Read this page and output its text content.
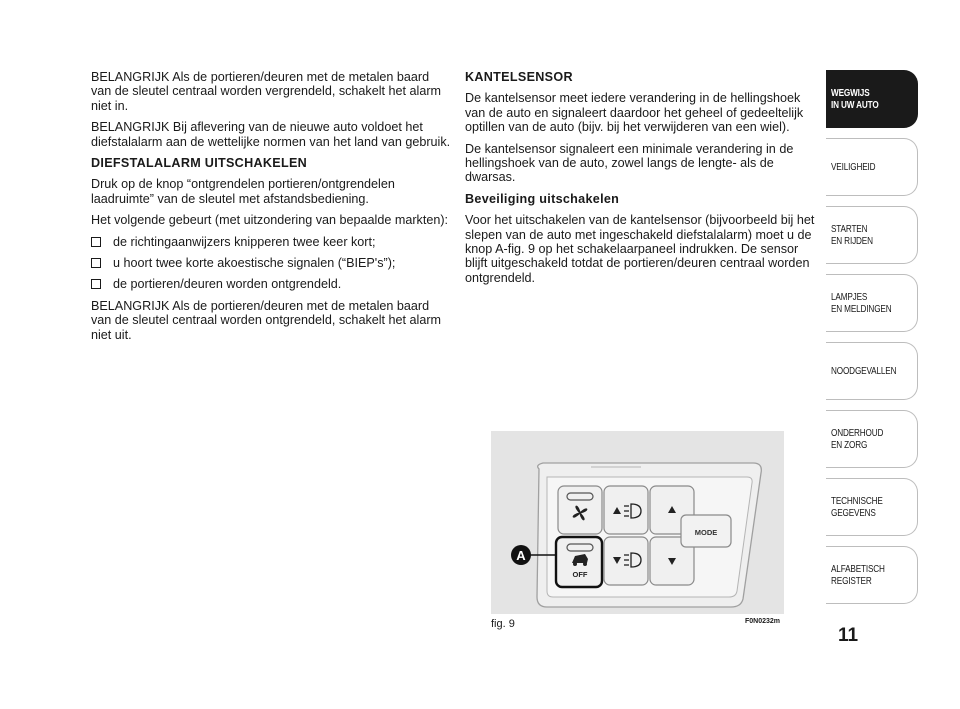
BELANGRIJK Als de portieren/deuren met de metalen baard van de sleutel centraal worden vergrendeld, schakelt het alarm niet in.

BELANGRIJK Bij aflevering van de nieuwe auto voldoet het diefstalalarm aan de wettelijke normen van het land van gebruik.

DIEFSTALALARM UITSCHAKELEN

Druk op de knop “ontgrendelen portieren/ontgrendelen laadruimte” van de sleutel met afstandsbediening.

Het volgende gebeurt (met uitzondering van bepaalde markten):

de richtingaanwijzers knipperen twee keer kort;
u hoort twee korte akoestische signalen (“BIEP's”);
de portieren/deuren worden ontgrendeld.

BELANGRIJK Als de portieren/deuren met de metalen baard van de sleutel centraal worden ontgrendeld, schakelt het alarm niet uit.

KANTELSENSOR

De kantelsensor meet iedere verandering in de hellingshoek van de auto en signaleert daardoor het geheel of gedeeltelijk optillen van de auto (bijv. bij het verwijderen van een wiel).

De kantelsensor signaleert een minimale verandering in de hellingshoek van de auto, zowel langs de lengte- als de dwarsas.

Beveiliging uitschakelen

Voor het uitschakelen van de kantelsensor (bijvoorbeeld bij het slepen van de auto met ingeschakeld diefstalalarm) moet u de knop A-fig. 9 op het schakelaarpaneel indrukken. De sensor blijft uitgeschakeld totdat de portieren/deuren centraal worden ontgrendeld.

OFF
MODE
A
fig. 9	F0N0232m
WEGWIJS
IN UW AUTO
VEILIGHEID
STARTEN
EN RIJDEN
LAMPJES
EN MELDINGEN
NOODGEVALLEN
ONDERHOUD
EN ZORG
TECHNISCHE
GEGEVENS
ALFABETISCH
REGISTER
11
